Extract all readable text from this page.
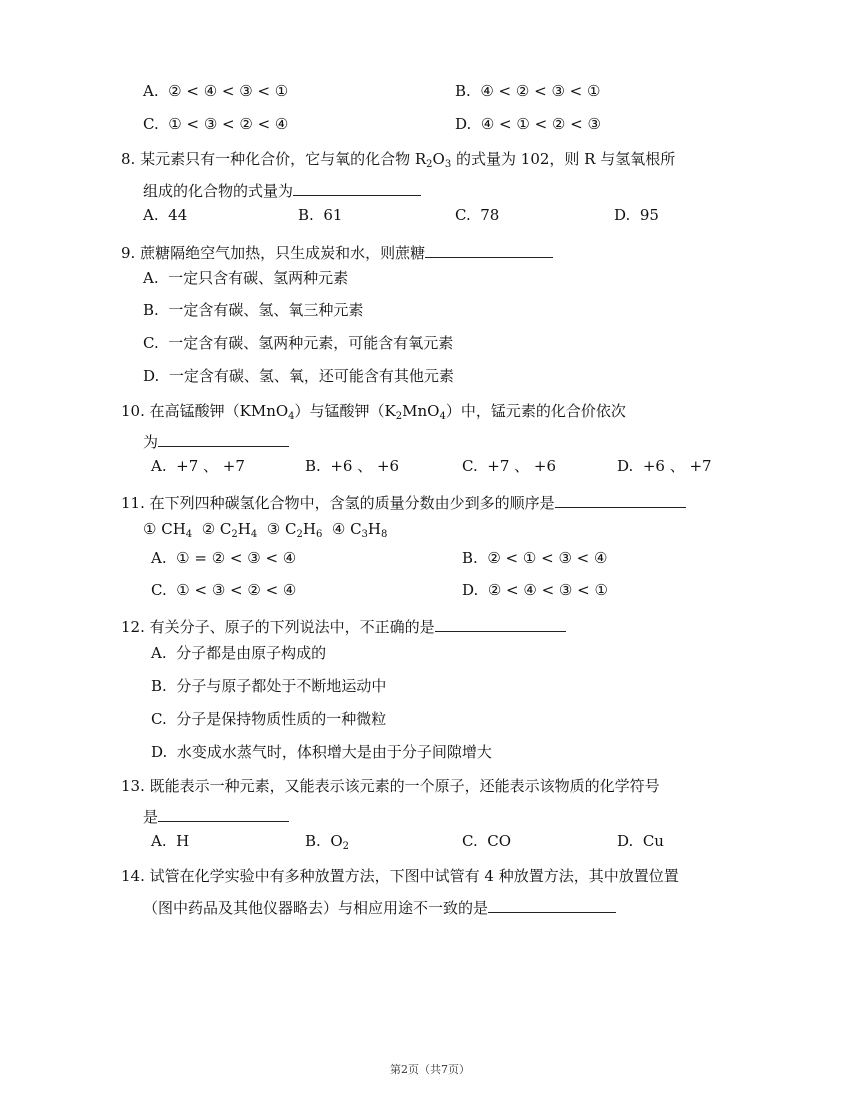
A. ② < ④ < ③ < ①	B. ④ < ② < ③ < ①
C. ① < ③ < ② < ④	D. ④ < ① < ② < ③
8. 某元素只有一种化合价，它与氧的化合物 $R_2O_3$ 的式量为 102，则 R 与氢氧根所
组成的化合物的式量为
A. 44	B. 61	C. 78	D. 95
9. 蔗糖隔绝空气加热，只生成炭和水，则蔗糖
A. 一定只含有碳、氢两种元素
B. 一定含有碳、氢、氧三种元素
C. 一定含有碳、氢两种元素，可能含有氧元素
D. 一定含有碳、氢、氧，还可能含有其他元素
10. 在高锰酸钾（KMnO$_4$）与锰酸钾$(K_2MnO_4)$中，锰元素的化合价依次
为
A. +7 、 +7	B. +6 、 +6	C. +7 、 +6	D. +6 、 +7
11. 在下列四种碳氢化合物中，含氢的质量分数由少到多的顺序是
① $CH_4$  ② $C_2H_4$  ③ $C_2H_6$  ④ $C_3H_8$
A. ① = ② < ③ < ④	B. ② < ① < ③ < ④
C. ① < ③ < ② < ④	D. ② < ④ < ③ < ①
12. 有关分子、原子的下列说法中，不正确的是
A. 分子都是由原子构成的
B. 分子与原子都处于不断地运动中
C. 分子是保持物质性质的一种微粒
D. 水变成水蒸气时，体积增大是由于分子间隙增大
13. 既能表示一种元素，又能表示该元素的一个原子，还能表示该物质的化学符号
是
A. H	B. $O_2$	C. CO	D. Cu
14. 试管在化学实验中有多种放置方法，下图中试管有 4 种放置方法，其中放置位置
（图中药品及其他仪器略去）与相应用途不一致的是
第2页（共7页）
